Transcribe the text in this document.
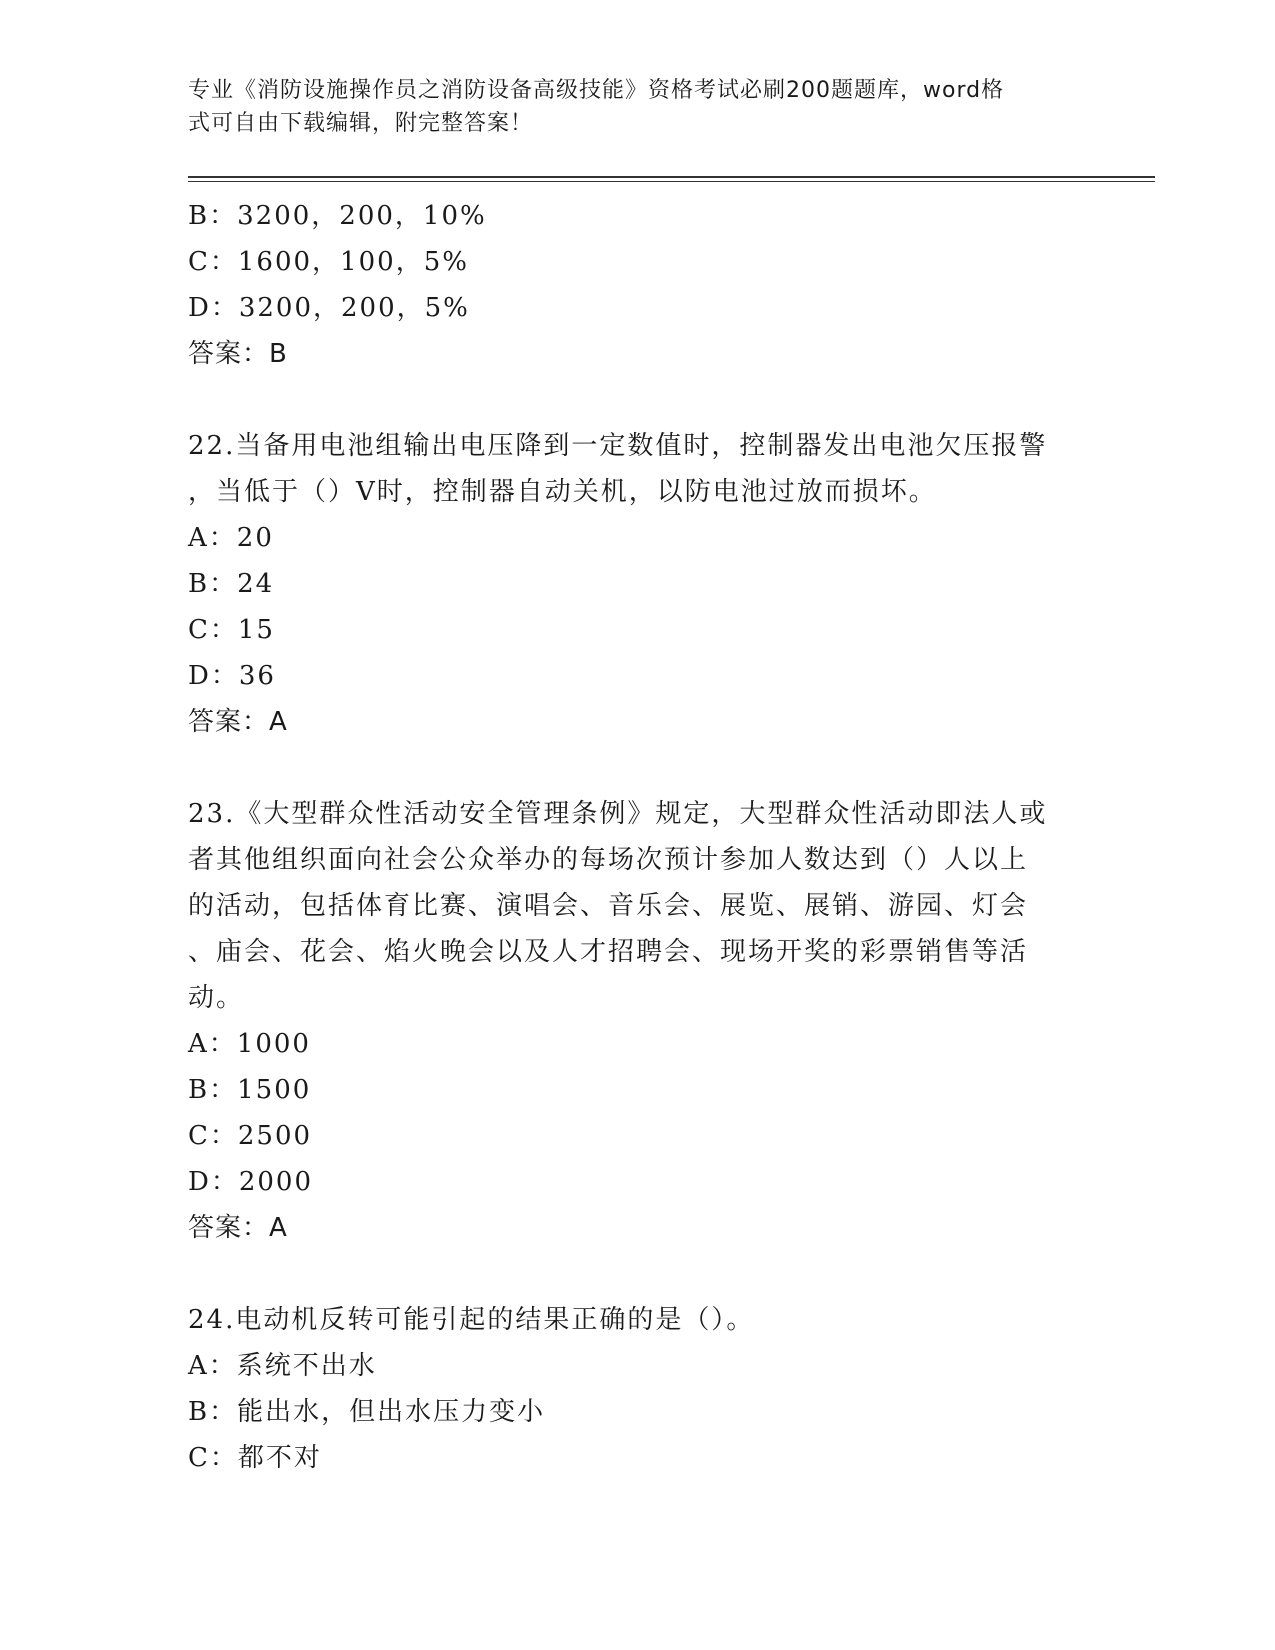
专业《消防设施操作员之消防设备高级技能》资格考试必刷200题题库，word格
式可自由下载编辑，附完整答案！
B：3200，200，10%
C：1600，100，5%
D：3200，200，5%
答案：B
22.当备用电池组输出电压降到一定数值时，控制器发出电池欠压报警
，当低于（）V时，控制器自动关机，以防电池过放而损坏。
A：20
B：24
C：15
D：36
答案：A
23.《大型群众性活动安全管理条例》规定，大型群众性活动即法人或
者其他组织面向社会公众举办的每场次预计参加人数达到（）人以上
的活动，包括体育比赛、演唱会、音乐会、展览、展销、游园、灯会
、庙会、花会、焰火晚会以及人才招聘会、现场开奖的彩票销售等活
动。
A：1000
B：1500
C：2500
D：2000
答案：A
24.电动机反转可能引起的结果正确的是（）。
A：系统不出水
B：能出水，但出水压力变小
C：都不对
